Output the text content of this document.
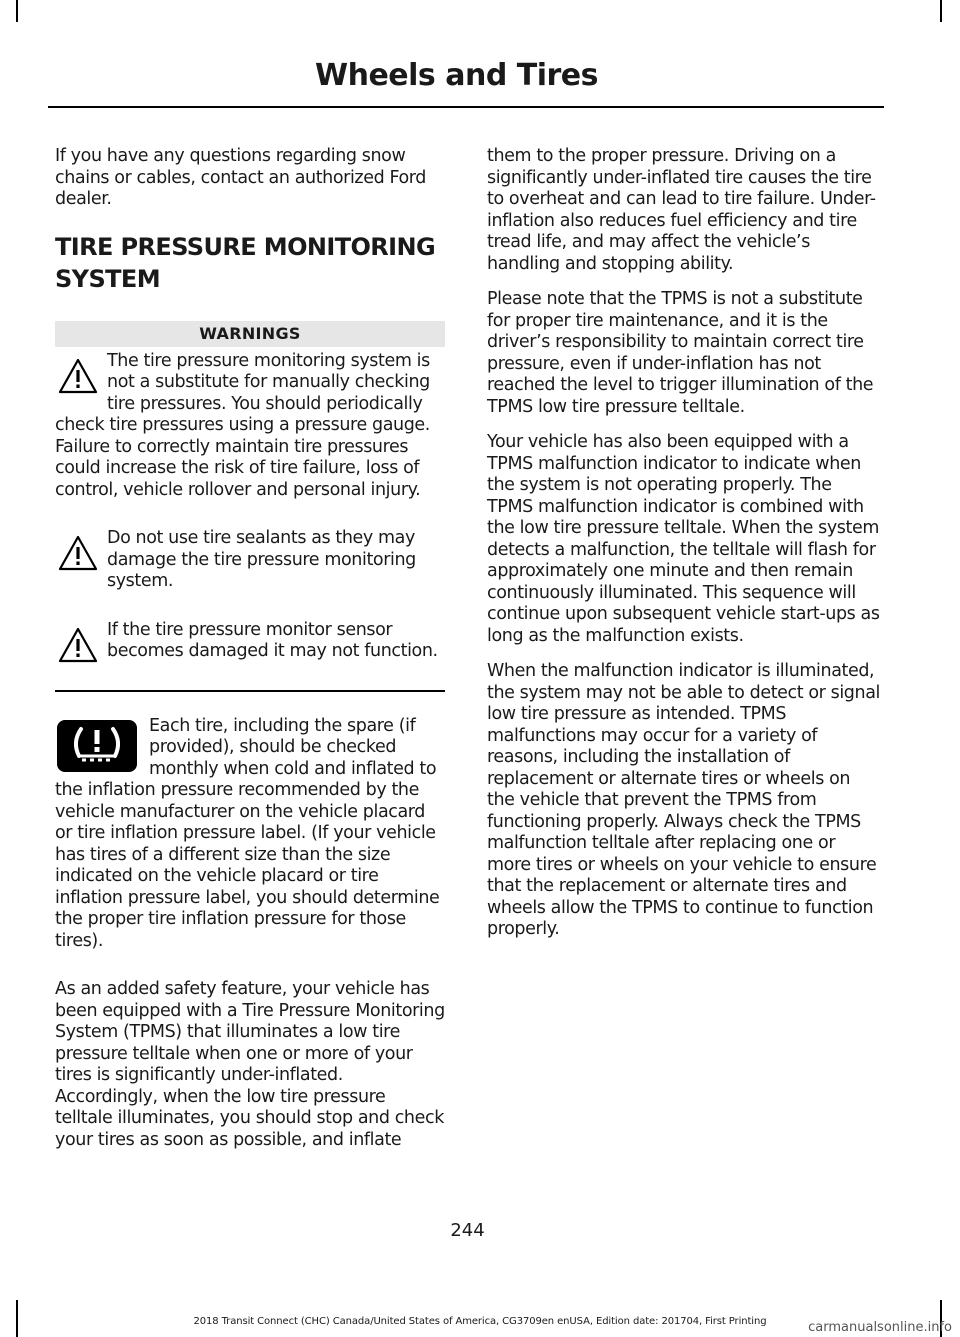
Wheels and Tires

If you have any questions regarding snow chains or cables, contact an authorized Ford dealer.

TIRE PRESSURE MONITORING SYSTEM
WARNINGS

The tire pressure monitoring system is not a substitute for manually checking tire pressures. You should periodically check tire pressures using a pressure gauge. Failure to correctly maintain tire pressures could increase the risk of tire failure, loss of control, vehicle rollover and personal injury.

Do not use tire sealants as they may damage the tire pressure monitoring system.

If the tire pressure monitor sensor becomes damaged it may not function.

Each tire, including the spare (if provided), should be checked monthly when cold and inflated to the inflation pressure recommended by the vehicle manufacturer on the vehicle placard or tire inflation pressure label. (If your vehicle has tires of a different size than the size indicated on the vehicle placard or tire inflation pressure label, you should determine the proper tire inflation pressure for those tires).

As an added safety feature, your vehicle has been equipped with a Tire Pressure Monitoring System (TPMS) that illuminates a low tire pressure telltale when one or more of your tires is significantly under-inflated. Accordingly, when the low tire pressure telltale illuminates, you should stop and check your tires as soon as possible, and inflate

them to the proper pressure. Driving on a significantly under-inflated tire causes the tire to overheat and can lead to tire failure. Under-inflation also reduces fuel efficiency and tire tread life, and may affect the vehicle’s handling and stopping ability.

Please note that the TPMS is not a substitute for proper tire maintenance, and it is the driver’s responsibility to maintain correct tire pressure, even if under-inflation has not reached the level to trigger illumination of the TPMS low tire pressure telltale.

Your vehicle has also been equipped with a TPMS malfunction indicator to indicate when the system is not operating properly. The TPMS malfunction indicator is combined with the low tire pressure telltale. When the system detects a malfunction, the telltale will flash for approximately one minute and then remain continuously illuminated. This sequence will continue upon subsequent vehicle start-ups as long as the malfunction exists.

When the malfunction indicator is illuminated, the system may not be able to detect or signal low tire pressure as intended. TPMS malfunctions may occur for a variety of reasons, including the installation of replacement or alternate tires or wheels on the vehicle that prevent the TPMS from functioning properly. Always check the TPMS malfunction telltale after replacing one or more tires or wheels on your vehicle to ensure that the replacement or alternate tires and wheels allow the TPMS to continue to function properly.

244
2018 Transit Connect (CHC) Canada/United States of America, CG3709en enUSA, Edition date: 201704, First Printing	carmanualsonline.info
